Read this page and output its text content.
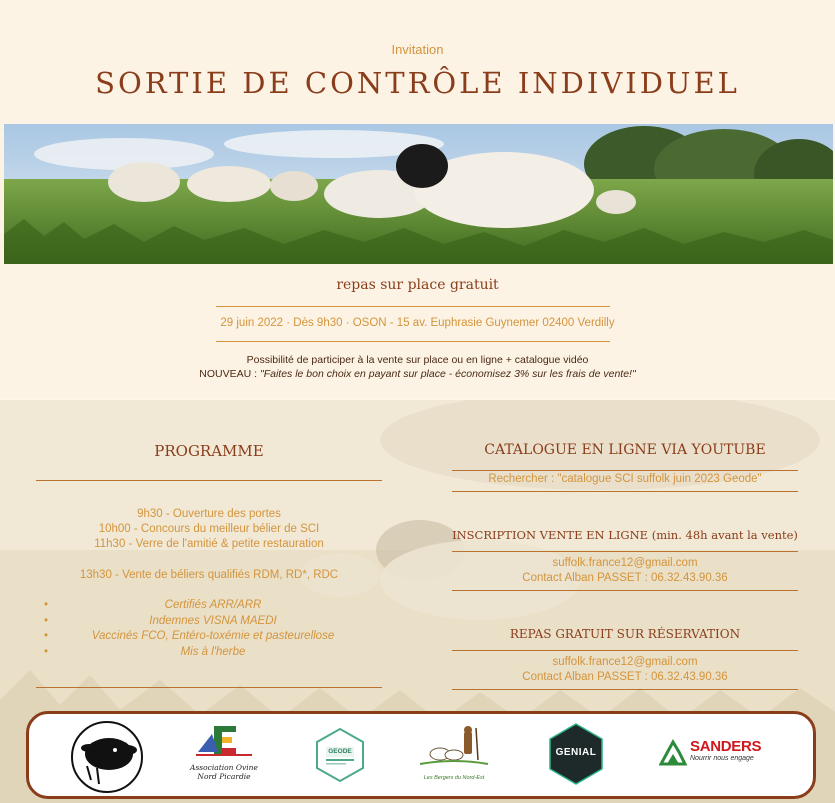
Invitation
SORTIE DE CONTRÔLE INDIVIDUEL
repas sur place gratuit
29 juin 2022 · Dès 9h30 · OSON - 15 av. Euphrasie Guynemer 02400 Verdilly
Possibilité de participer à la vente sur place ou en ligne + catalogue vidéo
NOUVEAU : "Faites le bon choix en payant sur place - économisez 3% sur les frais de vente!"
PROGRAMME
9h30 - Ouverture des portes
10h00 - Concours du meilleur bélier de SCI
11h30 - Verre de l'amitié & petite restauration
13h30 - Vente de béliers qualifiés RDM, RD*, RDC
• Certifiés ARR/ARR
• Indemnes VISNA MAEDI
• Vaccinés FCO, Entéro-toxémie et pasteurellose
• Mis à l'herbe
CATALOGUE EN LIGNE VIA YOUTUBE
Rechercher : "catalogue SCI suffolk juin 2023 Geode"
INSCRIPTION VENTE EN LIGNE (min. 48h avant la vente)
suffolk.france12@gmail.com
Contact Alban PASSET : 06.32.43.90.36
REPAS GRATUIT SUR RÉSERVATION
suffolk.france12@gmail.com
Contact Alban PASSET : 06.32.43.90.36
Association Ovine
Nord Picardie
GEODE
Les Bergers du Nord-Est
GENIAL	SANDERS
Nourrir nous engage
